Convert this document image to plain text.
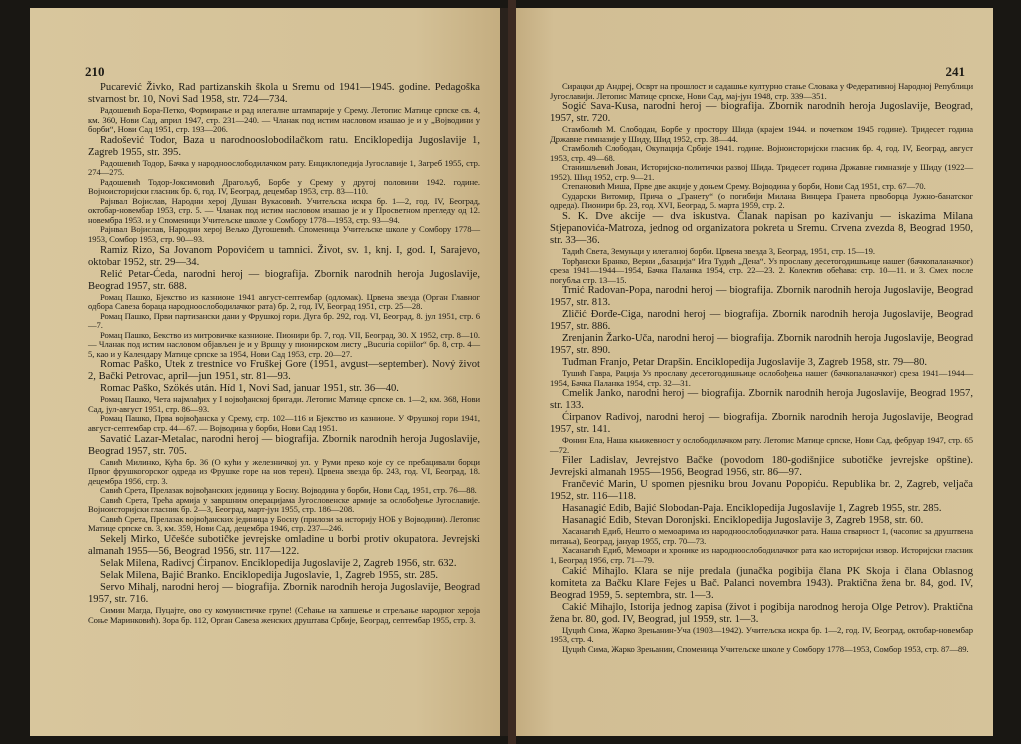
210

Pucarević Živko, Rad partizanskih škola u Sremu od 1941—1945. godine. Pedagoška stvarnost br. 10, Novi Sad 1958, str. 724—734.

Радошевић Бора-Петко, Формирање и рад илегалне штампарије у Срему. Летопис Матице српске св. 4, км. 360, Нови Сад, април 1947, стр. 231—240. — Чланак под истим насловом изашао је и у „Војводини у борби“, Нови Сад 1951, стр. 193—206.

Radošević Todor, Baza u narodnooslobodilačkom ratu. Enciklopedija Jugoslavije 1, Zagreb 1955, str. 395.

Радошевић Тодор, Бачка у народноослободилачком рату. Енциклопедија Југославије 1, Загреб 1955, стр. 274—275.

Радошевић Тодор-Јоксимовић Драгољуб, Борбе у Срему у другој половини 1942. године. Војноисторијски гласник бр. 6, год. IV, Београд, децембар 1953, стр. 83—110.

Рајнвал Војислав, Народни херој Душан Вукасовић. Учитељска искра бр. 1—2, год. IV, Београд, октобар-новембар 1953, стр. 5. — Чланак под истим насловом изашао је и у Просветном прегледу од 12. новембра 1953. и у Споменици Учитељске школе у Сомбору 1778—1953, стр. 93—94.

Рајнвал Војислав, Народни херој Вељко Дугошевић. Споменица Учитељске школе у Сомбору 1778—1953, Сомбор 1953, стр. 90—93.

Ramiz Rizo, Sa Jovanom Popovićem u tamnici. Život, sv. 1, knj. I, god. I, Sarajevo, oktobar 1952, str. 29—34.

Relić Petar-Ćeda, narodni heroj — biografija. Zbornik narodnih heroja Jugoslavije, Beograd 1957, str. 688.

Ромац Пашко, Бјекство из казнионе 1941 август-септембар (одломак). Црвена звезда (Орган Главног одбора Савеза бораца народноослободилачког рата) бр. 2, год. IV, Београд 1951, стр. 25—28.

Ромац Пашко, Први партизански дани у Фрушкој гори. Дуга бр. 292, год. VI, Београд, 8. јул 1951, стр. 6—7.

Ромац Пашко, Бекство из митровичке казнионе. Пионири бр. 7, год. VII, Београд, 30. X 1952, стр. 8—10. — Чланак под истим насловом објављен је и у Вршцу у пионирском листу „Bucuria copiilor“ бр. 8, стр. 4—5, као и у Календару Матице српске за 1954, Нови Сад 1953, стр. 20—27.

Romac Paško, Utek z trestnice vo Fruškej Gore (1951, avgust—september). Nový život 2, Bački Petrovac, april—jun 1951, str. 81—93.

Romac Paško, Szökés után. Híd 1, Novi Sad, januar 1951, str. 36—40.

Ромац Пашко, Чета најмлађих у I војвођанској бригади. Летопис Матице српске св. 1—2, км. 368, Нови Сад, јул-август 1951, стр. 86—93.

Ромац Пашко, Прва војвођанска у Срему, стр. 102—116 и Бјекство из казнионе. У Фрушкој гори 1941, август-септембар стр. 44—67. — Војводина у борби, Нови Сад 1951.

Savatić Lazar-Metalac, narodni heroj — biografija. Zbornik narodnih heroja Jugoslavije, Beograd 1957, str. 705.

Савић Милинко, Кућа бр. 36 (О кући у железничкој ул. у Руми преко које су се пребацивали борци Првог фрушкогорског одреда из Фрушке горе на нов терен). Црвена звезда бр. 243, год. VI, Београд, 18. децембра 1956, стр. 3.

Савић Срета, Прелазак војвођанских јединица у Босну. Војводина у борби, Нови Сад, 1951, стр. 76—88.

Савић Срета, Трећа армија у завршним операцијама Југословенске армије за ослобођење Југославије. Војноисторијски гласник бр. 2—3, Београд, март-јун 1955, стр. 186—208.

Савић Срета, Прелазак војвођанских јединица у Босну (прилози за историју НОБ у Војводини). Летопис Матице српске св. 3, км. 359, Нови Сад, децембра 1946, стр. 237—246.

Sekelj Mirko, Učešće subotičke jevrejske omladine u borbi protiv okupatora. Jevrejski almanah 1955—56, Beograd 1956, str. 117—122.

Selak Milena, Radivcj Ćirpanov. Enciklopedija Jugoslavije 2, Zagreb 1956, str. 632.

Selak Milena, Bajić Branko. Enciklopedija Jugoslavie, 1, Zagreb 1955, str. 285.

Servo Mihalj, narodni heroj — biografija. Zbornik narodnih heroja Jugoslavije, Beograd 1957, str. 716.

Симин Магда, Пуцајте, ово су комунистичке групе! (Сећање на хапшење и стрељање народног хероја Соње Маринковић). Зора бр. 112, Орган Савеза женских друштава Србије, Београд, септембар 1955, стр. 3.

241

Сирацки др Андреј, Осврт на прошлост и садашње културно стање Словака у Федеративној Народној Републици Југославији. Летопис Матице српске, Нови Сад, мај-јун 1948, стр. 339—351.

Sogić Sava-Kusa, narodni heroj — biografija. Zbornik narodnih heroja Jugoslavije, Beograd, 1957, str. 720.

Стамболић М. Слободан, Борбе у простору Шида (крајем 1944. и почетком 1945 године). Тридесет година Државне гимназије у Шиду, Шид 1952, стр. 38—44.

Стамболић Слободан, Окупација Србије 1941. године. Војноисторијски гласник бр. 4, год. IV, Београд, август 1953, стр. 49—68.

Станишљевић Јован, Историјско-политички развој Шида. Тридесет година Државне гимназије у Шиду (1922—1952). Шид 1952, стр. 9—21.

Степановић Миша, Прве две акције у доњем Срему. Војводина у борби, Нови Сад 1951, стр. 67—70.

Сударски Витомир, Прича о „Гранету“ (о погибији Милана Винцера Гранета првоборца Јужно-банатског одреда). Пионири бр. 23, год. XVI, Београд, 5. марта 1959, стр. 2.

S. K. Dve akcije — dva iskustva. Članak napisan po kazivanju — iskazima Milana Stjepanovića-Matroza, jednog od organizatora pokreta u Sremu. Crvena zvezda 8, Beograd 1950, str. 33—36.

Тадић Света, Земуњци у илегалној борби. Црвена звезда 3, Београд, 1951, стр. 15—19.

Торђански Бранко, Верни „базација“ Ига Тудић „Дена“. Уз прославу десетогодишњице нашег (бачкопаланачког) среза 1941—1944—1954, Бачка Паланка 1954, стр. 22—23. 2. Колектив обећава: стр. 10—11. и 3. Смех после погубља стр. 13—15.

Trnić Radovan-Popa, narodni heroj — biografija. Zbornik narodnih heroja Jugoslavije, Beograd 1957, str. 813.

Zličić Đorđe-Ciga, narodni heroj — biografija. Zbornik narodnih heroja Jugoslavije, Beograd 1957, str. 886.

Zrenjanin Žarko-Uča, narodni heroj — biografija. Zbornik narodnih heroja Jugoslavije, Beograd 1957, str. 890.

Tuđman Franjo, Petar Drapšin. Enciklopedija Jugoslavije 3, Zagreb 1958, str. 79—80.

Тушић Гавра, Рација Уз прославу десетогодишњице ослобођења нашег (бачкопаланачког) среза 1941—1944—1954, Бачка Паланка 1954, стр. 32—31.

Cmelik Janko, narodni heroj — biografija. Zbornik narodnih heroja Jugoslavije, Beograd 1957, str. 133.

Ćirpanov Radivoj, narodni heroj — biografija. Zbornik narodnih heroja Jugoslavije, Beograd 1957, str. 141.

Фонин Ела, Наша књижевност у ослободилачком рату. Летопис Матице српске, Нови Сад, фебруар 1947, стр. 65—72.

Filer Ladislav, Jevrejstvo Bačke (povodom 180-godišnjice subotičke jevrejske opštine). Jevrejski almanah 1955—1956, Beograd 1956, str. 86—97.

Frančević Marin, U spomen pjesniku brou Jovanu Popopiću. Republika br. 2, Zagreb, veljača 1952, str. 116—118.

Hasanagić Edib, Bajić Slobodan-Paja. Enciklopedija Jugoslavije 1, Zagreb 1955, str. 285.

Hasanagić Edib, Stevan Doronjski. Enciklopedija Jugoslavije 3, Zagreb 1958, str. 60.

Хасанагић Едиб, Нешто о мемоарима из народноослободилачког рата. Наша стварност 1, (часопис за друштвена питања), Београд, јануар 1955, стр. 70—73.

Хасанагић Едиб, Мемоари и хронике из народноослободилачког рата као историјски извор. Историјски гласник 1, Београд 1956, стр. 71—79.

Cakić Mihajlo. Klara se nije predala (junačka pogibija člana PK Skoja i člana Oblasnog komiteta za Bačku Klare Fejes u Bač. Palanci novembra 1943). Praktična žena br. 84, god. IV, Beograd 1959, 5. septembra, str. 1—3.

Cakić Mihajlo, Istorija jednog zapisa (život i pogibija narodnog heroja Olge Petrov). Praktična žena br. 80, god. IV, Beograd, jul 1959, str. 1—3.

Цуцић Сима, Жарко Зрењанин-Уча (1903—1942). Учитељска искра бр. 1—2, год. IV, Београд, октобар-новембар 1953, стр. 4.

Цуцић Сима, Жарко Зрењанин, Споменица Учитељске школе у Сомбору 1778—1953, Сомбор 1953, стр. 87—89.
